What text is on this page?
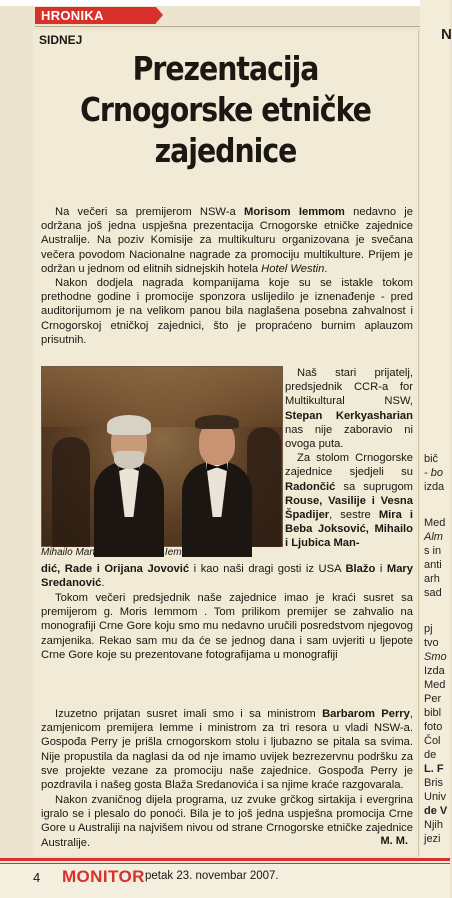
HRONIKA
SIDNEJ
Prezentacija
Crnogorske etničke
zajednice

Na večeri sa premijerom NSW-a Morisom Iemmom nedavno je održana još jedna uspješna prezentacija Crnogorske etničke zajednice Australije. Na poziv Komisije za multikulturu organizovana je svečana večera povodom Nacionalne nagrade za promociju multikulture. Prijem je održan u jednom od elitnih sidnejskih hotela Hotel Westin.

Nakon dodjela nagrada kompanijama koje su se istakle tokom prethodne godine i promocije sponzora uslijedilo je iznenađenje - pred auditorijumom je na velikom panou bila naglašena posebna zahvalnost i Crnogorskoj etničkoj zajednici, što je propraćeno burnim aplauzom prisutnih.

Mihailo Mandić sa Morisom Iemmom

Naš stari prijatelj, predsjednik CCR-a for Multikultural NSW, Stepan Kerkyasharian nas nije zaboravio ni ovoga puta.

Za stolom Crnogorske zajednice sjedjeli su Radončić sa suprugom Rouse, Vasilije i Vesna Špadijer, sestre Mira i Beba Joksović, Mihailo i Ljubica Man-

dić, Rade i Orijana Jovović i kao naši dragi gosti iz USA Blažo i Mary Sredanović.

Tokom večeri predsjednik naše zajednice imao je kraći susret sa premijerom g. Moris Iemmom . Tom prilikom premijer se zahvalio na monografiji Crne Gore koju smo mu nedavno uručili posredstvom njegovog zamjenika. Rekao sam mu da će se jednog dana i sam uvjeriti u ljepote Crne Gore koje su prezentovane fotografijama u monografiji

Izuzetno prijatan susret imali smo i sa ministrom Barbarom Perry, zamjenicom premijera Iemme i ministrom za tri resora u vladi NSW-a. Gospođa Perry je prišla crnogorskom stolu i ljubazno se pitala sa svima. Nije propustila da naglasi da od nje imamo uvijek bezrezervnu podršku za sve projekte vezane za promociju naše zajednice. Gospođa Perry je pozdravila i našeg gosta Blaža Sredanovića i sa njime kraće razgovarala.

Nakon zvaničnog dijela programa, uz zvuke grčkog sirtakija i evergrina igralo se i plesalo do ponoći. Bila je to još jedna uspješna promocija Crne Gore u Australiji na najvišem nivou od strane Crnogorske etničke zajednice Australije.	M. M.
N
bič
- bo
izda
Med
Alm
s in
anti
arh
sad
pj
tvo
Smo
Izda
Med
Per
bibl
foto
Čol
de
L. F
Bris
Univ
de V
Njih
jezi
4 MONITOR petak 23. novembar 2007.
